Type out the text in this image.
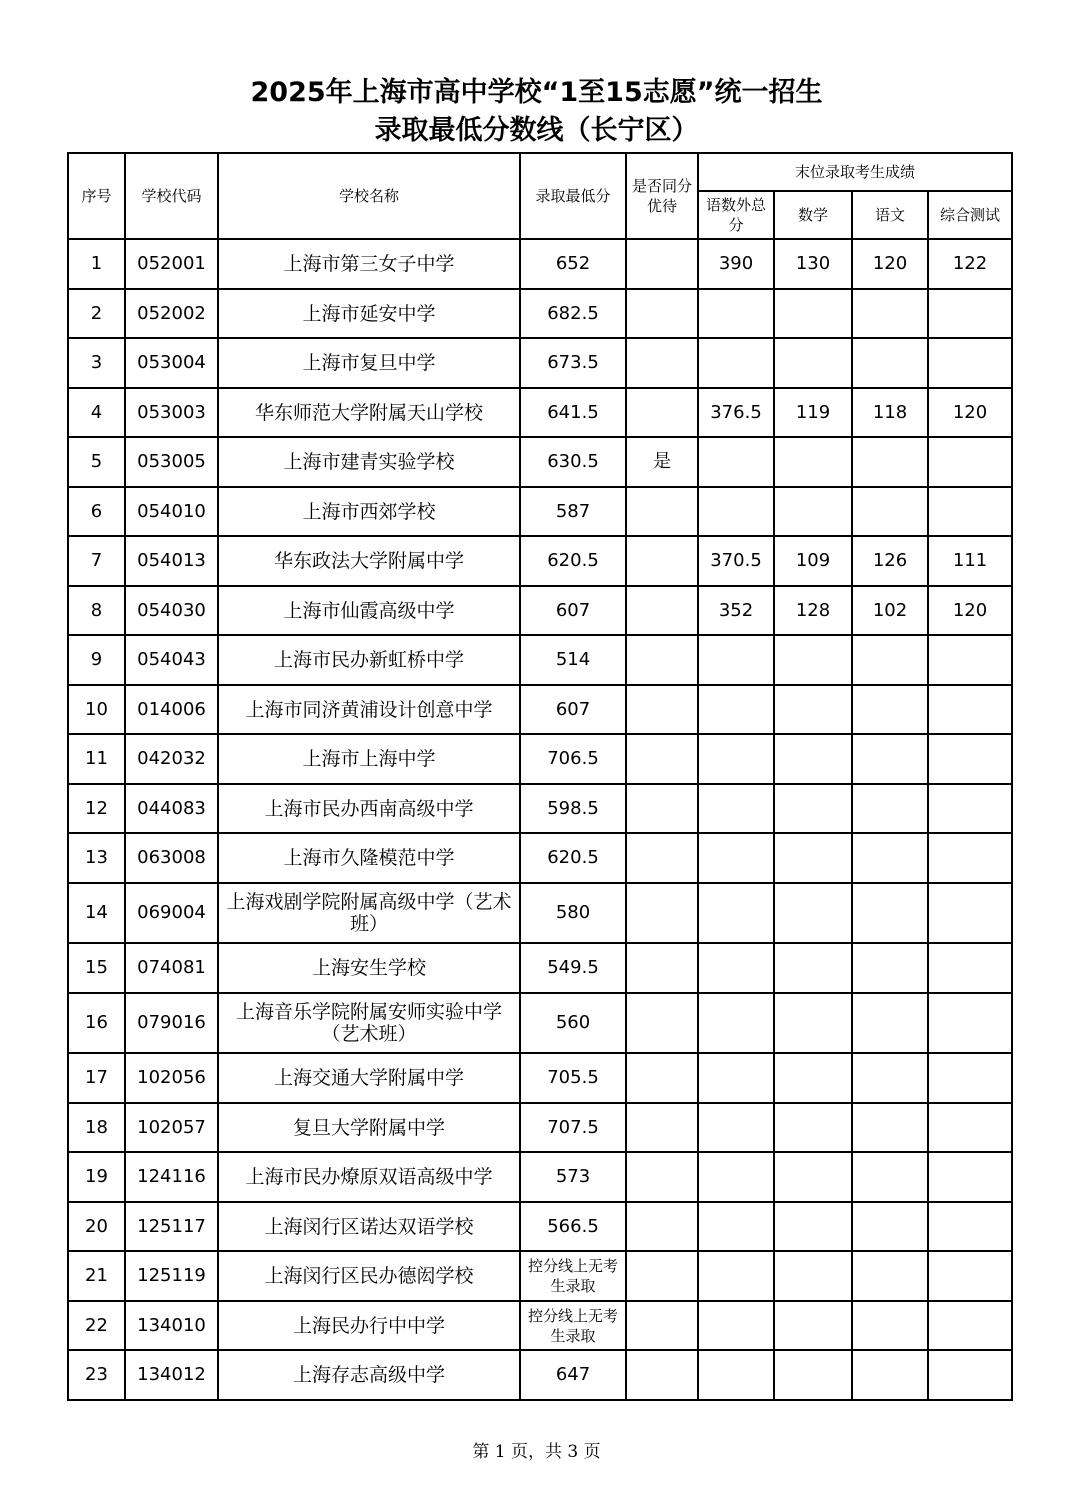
2025年上海市高中学校“1至15志愿”统一招生
录取最低分数线（长宁区）
序号	学校代码	学校名称	录取最低分	是否同分优待	末位录取考生成绩			
					语数外总分	数学	语文	综合测试
1	052001	上海市第三女子中学	652		390	130	120	122
2	052002	上海市延安中学	682.5					
3	053004	上海市复旦中学	673.5					
4	053003	华东师范大学附属天山学校	641.5		376.5	119	118	120
5	053005	上海市建青实验学校	630.5	是				
6	054010	上海市西郊学校	587					
7	054013	华东政法大学附属中学	620.5		370.5	109	126	111
8	054030	上海市仙霞高级中学	607		352	128	102	120
9	054043	上海市民办新虹桥中学	514					
10	014006	上海市同济黄浦设计创意中学	607					
11	042032	上海市上海中学	706.5					
12	044083	上海市民办西南高级中学	598.5					
13	063008	上海市久隆模范中学	620.5					
14	069004	上海戏剧学院附属高级中学（艺术班）	580					
15	074081	上海安生学校	549.5					
16	079016	上海音乐学院附属安师实验中学（艺术班）	560					
17	102056	上海交通大学附属中学	705.5					
18	102057	复旦大学附属中学	707.5					
19	124116	上海市民办燎原双语高级中学	573					
20	125117	上海闵行区诺达双语学校	566.5					
21	125119	上海闵行区民办德闳学校	控分线上无考生录取					
22	134010	上海民办行中中学	控分线上无考生录取					
23	134012	上海存志高级中学	647					
第 1 页，共 3 页
